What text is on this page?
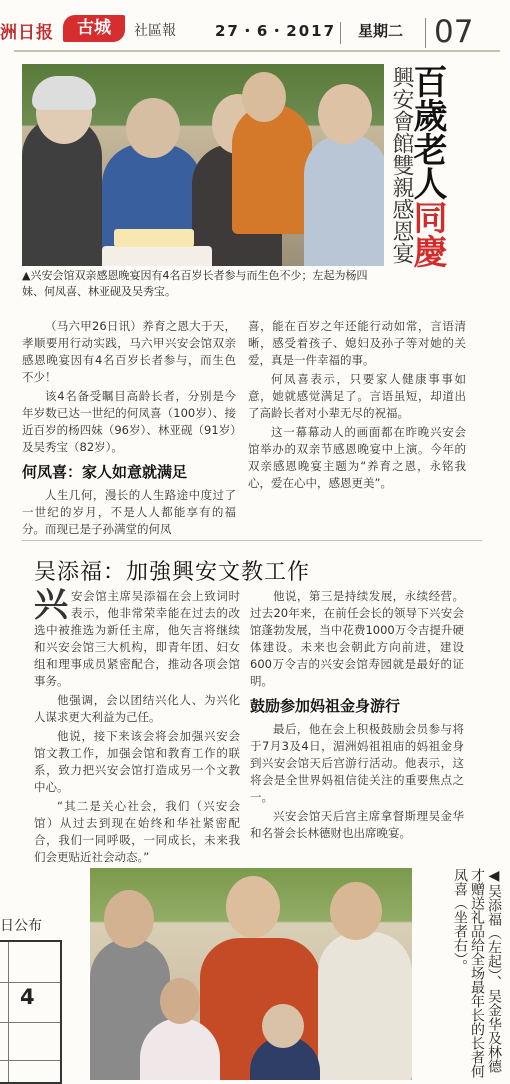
洲日报	古城	社區報	27・6・2017 星期二 07
百歲老人同慶
興安會館雙親感恩宴
▲兴安会馆双亲感恩晚宴因有4名百岁长者参与而生色不少；左起为杨四妹、何凤喜、林亚砚及吴秀宝。

（马六甲26日讯）养育之恩大于天，孝顺要用行动实践，马六甲兴安会馆双亲感恩晚宴因有4名百岁长者参与，而生色不少！

该4名备受瞩目高龄长者，分别是今年岁数已达一世纪的何凤喜（100岁）、接近百岁的杨四妹（96岁）、林亚砚（91岁）及吴秀宝（82岁）。

何凤喜：家人如意就满足

人生几何，漫长的人生路途中度过了一世纪的岁月，不是人人都能享有的福分。而现已是子孙满堂的何凤

喜，能在百岁之年还能行动如常，言语清晰，感受着孩子、媳妇及孙子等对她的关爱，真是一件幸福的事。

何凤喜表示，只要家人健康事事如意，她就感觉满足了。言语虽短，却道出了高龄长者对小辈无尽的祝福。

这一幕幕动人的画面都在昨晚兴安会馆举办的双亲节感恩晚宴中上演。今年的双亲感恩晚宴主题为“养育之恩，永铭我心，爱在心中，感恩更美”。

吴添福：加強興安文教工作

兴安会馆主席吴添福在会上致词时表示，他非常荣幸能在过去的改选中被推选为新任主席，他矢言将继续和兴安会馆三大机构，即青年团、妇女组和理事成员紧密配合，推动各项会馆事务。

他强调，会以团结兴化人、为兴化人谋求更大利益为己任。

他说，接下来该会将会加强兴安会馆文教工作，加强会馆和教育工作的联系，致力把兴安会馆打造成另一个文教中心。

“其二是关心社会，我们（兴安会馆）从过去到现在始终和华社紧密配合，我们一同呼吸，一同成长，未来我们会更贴近社会动态。”

他说，第三是持续发展，永续经营。过去20年来，在前任会长的领导下兴安会馆蓬勃发展，当中花费1000万令吉提升硬体建设。未来也会朝此方向前进，建设600万令吉的兴安会馆寿园就是最好的证明。

鼓励参加妈祖金身游行

最后，他在会上积极鼓励会员参与将于7月3及4日，湄洲妈祖祖庙的妈祖金身到兴安会馆天后宫游行活动。他表示，这将会是全世界妈祖信徒关注的重要焦点之一。

兴安会馆天后宫主席拿督斯理吴金华和名誉会长林德财也出席晚宴。

◀吴添福（左起）、吴金华及林德才赠送礼品给全场最年长的长者何凤喜（坐者右）。
日公布
4
